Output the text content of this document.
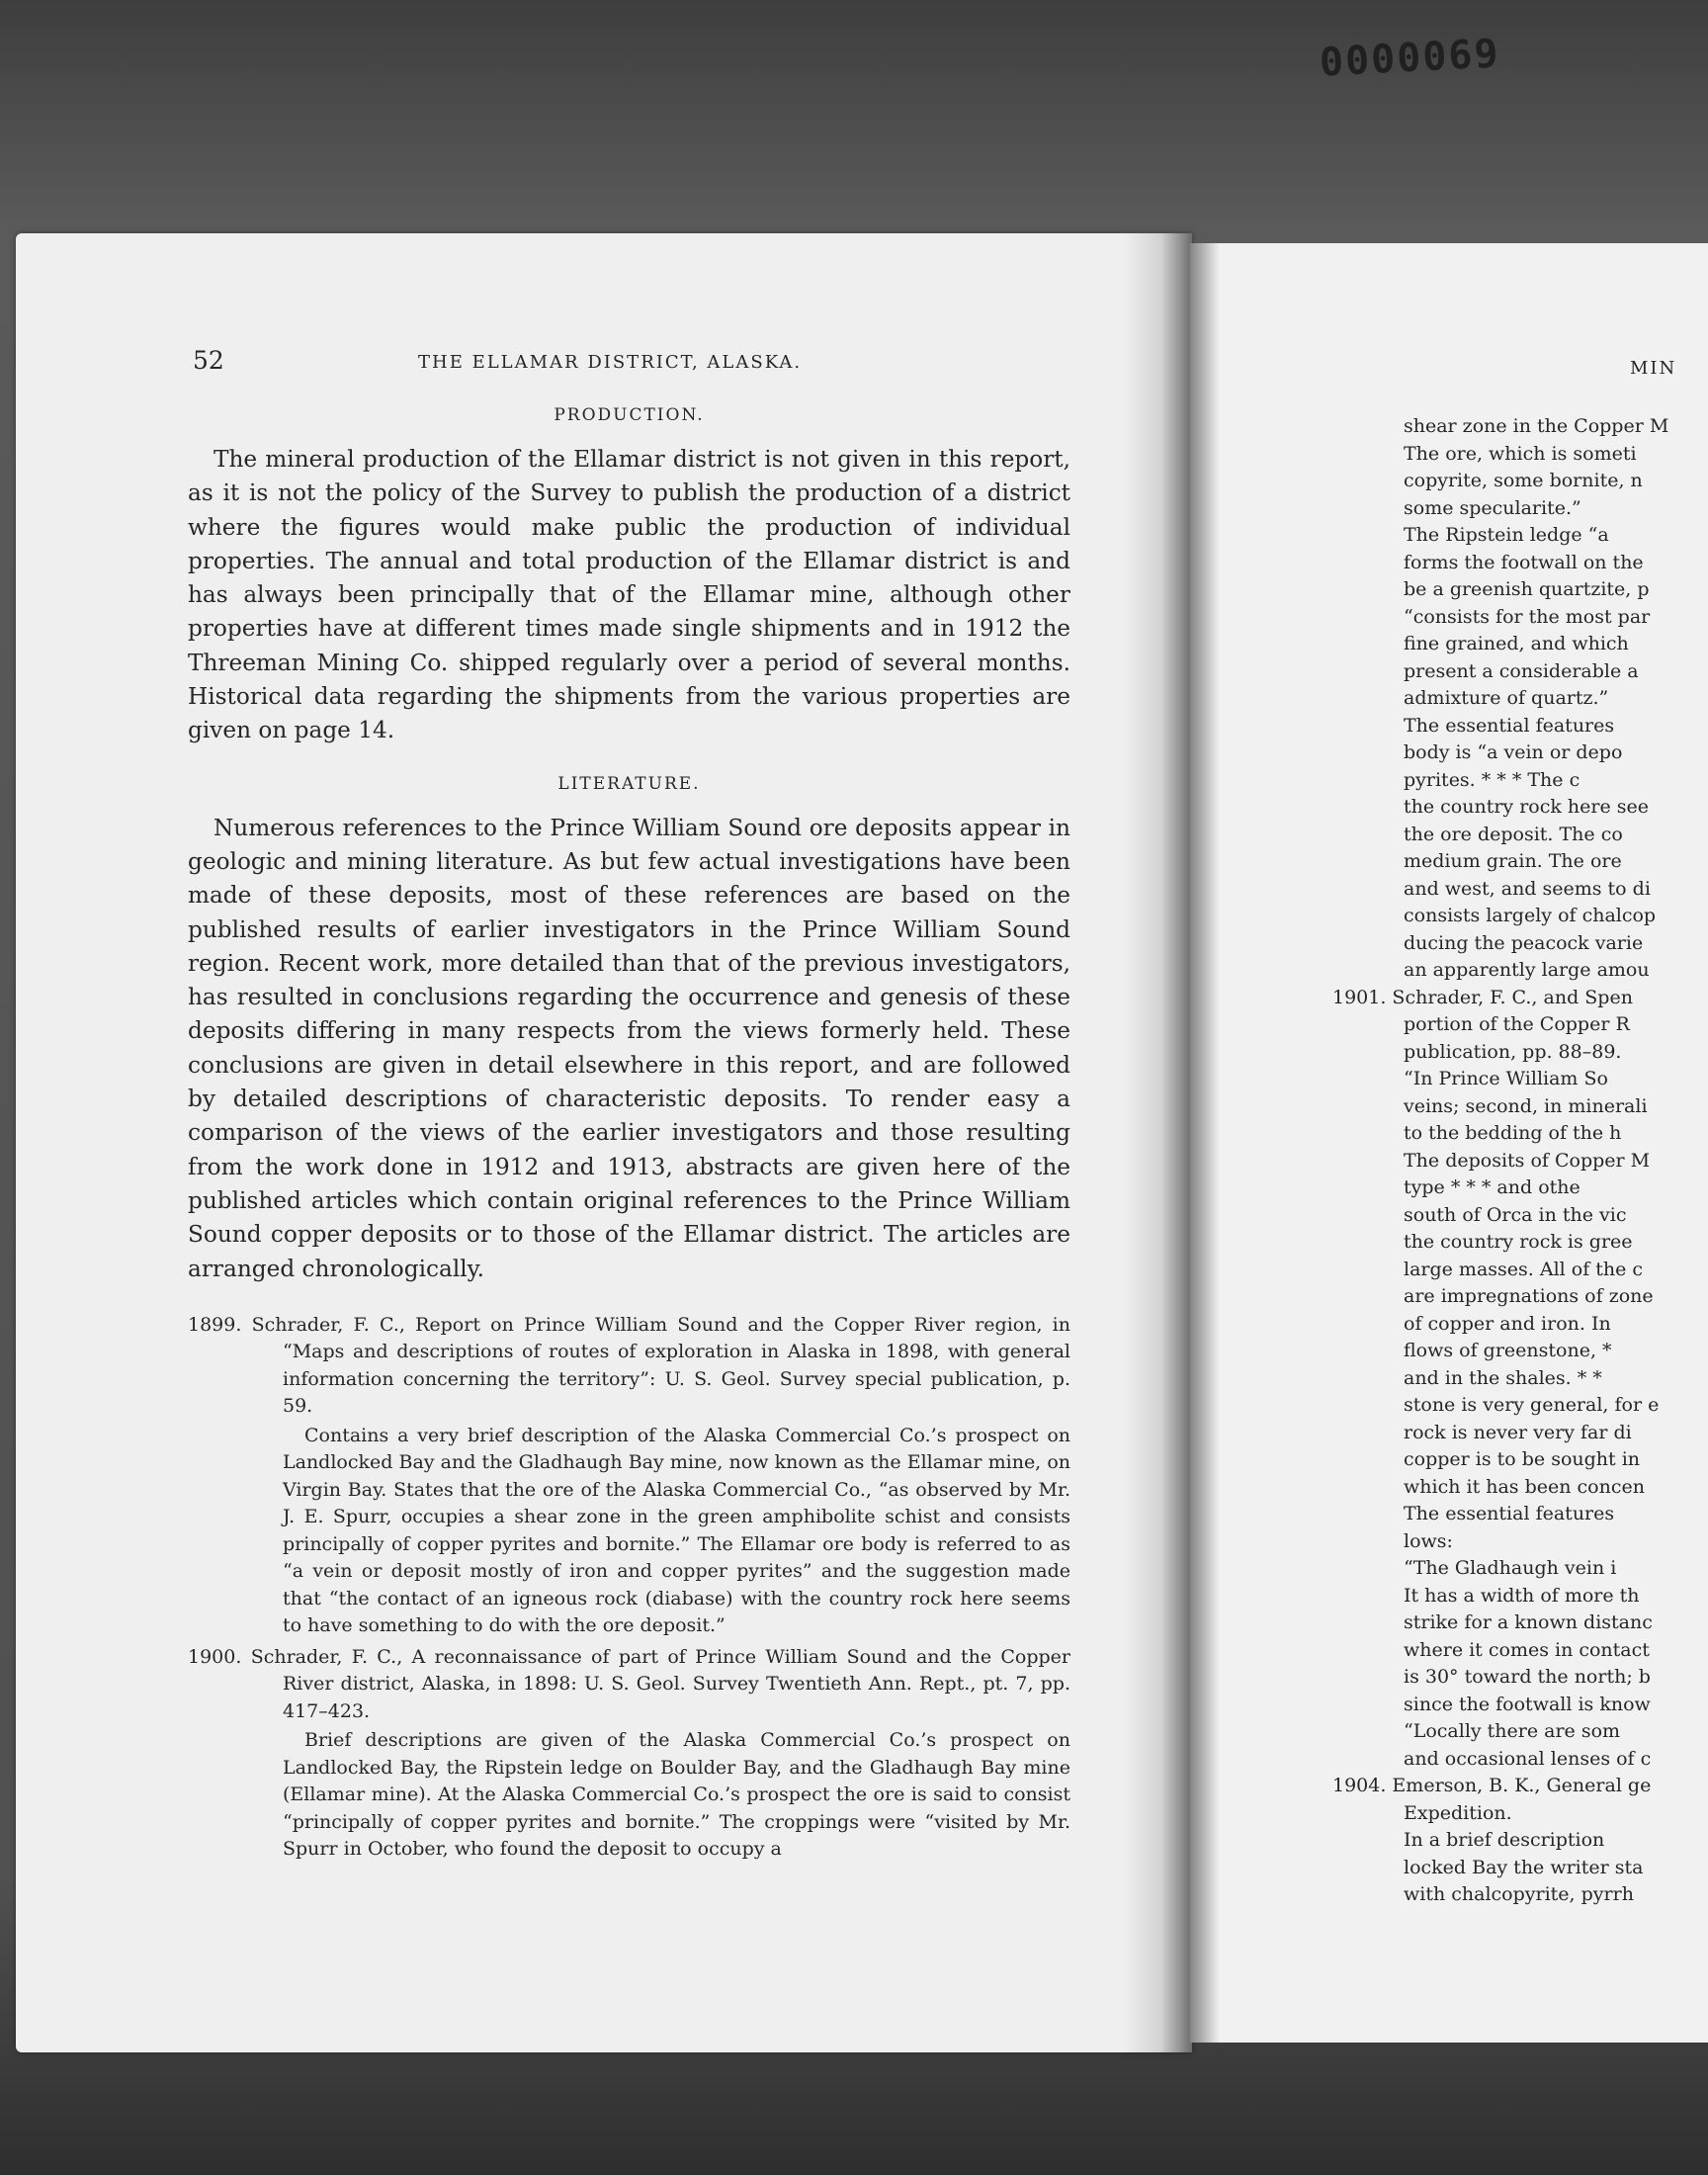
0000069
MIN
shear zone in the Copper M
The ore, which is someti
copyrite, some bornite, n
some specularite.”
The Ripstein ledge “a
forms the footwall on the
be a greenish quartzite, p
“consists for the most par
fine grained, and which
present a considerable a
admixture of quartz.”
The essential features
body is “a vein or depo
pyrites. * * * The c
the country rock here see
the ore deposit. The co
medium grain. The ore
and west, and seems to di
consists largely of chalcop
ducing the peacock varie
an apparently large amou
1901. Schrader, F. C., and Spen
portion of the Copper R
publication, pp. 88–89.
“In Prince William So
veins; second, in minerali
to the bedding of the h
The deposits of Copper M
type * * * and othe
south of Orca in the vic
the country rock is gree
large masses. All of the c
are impregnations of zone
of copper and iron. In
flows of greenstone, *
and in the shales. * *
stone is very general, for e
rock is never very far di
copper is to be sought in
which it has been concen
The essential features
lows:
“The Gladhaugh vein i
It has a width of more th
strike for a known distanc
where it comes in contact
is 30° toward the north; b
since the footwall is know
“Locally there are som
and occasional lenses of c
1904. Emerson, B. K., General ge
Expedition.
In a brief description
locked Bay the writer sta
with chalcopyrite, pyrrh
52	THE ELLAMAR DISTRICT, ALASKA.
PRODUCTION.

The mineral production of the Ellamar district is not given in this report, as it is not the policy of the Survey to publish the production of a district where the figures would make public the production of individual properties. The annual and total production of the Ellamar district is and has always been principally that of the Ellamar mine, although other properties have at different times made single shipments and in 1912 the Threeman Mining Co. shipped regularly over a period of several months. Historical data regarding the shipments from the various properties are given on page 14.

LITERATURE.

Numerous references to the Prince William Sound ore deposits appear in geologic and mining literature. As but few actual investigations have been made of these deposits, most of these references are based on the published results of earlier investigators in the Prince William Sound region. Recent work, more detailed than that of the previous investigators, has resulted in conclusions regarding the occurrence and genesis of these deposits differing in many respects from the views formerly held. These conclusions are given in detail elsewhere in this report, and are followed by detailed descriptions of characteristic deposits. To render easy a comparison of the views of the earlier investigators and those resulting from the work done in 1912 and 1913, abstracts are given here of the published articles which contain original references to the Prince William Sound copper deposits or to those of the Ellamar district. The articles are arranged chronologically.

1899. Schrader, F. C., Report on Prince William Sound and the Copper River region, in “Maps and descriptions of routes of exploration in Alaska in 1898, with general information concerning the territory”: U. S. Geol. Survey special publication, p. 59.

Contains a very brief description of the Alaska Commercial Co.’s prospect on Landlocked Bay and the Gladhaugh Bay mine, now known as the Ellamar mine, on Virgin Bay. States that the ore of the Alaska Commercial Co., “as observed by Mr. J. E. Spurr, occupies a shear zone in the green amphibolite schist and consists principally of copper pyrites and bornite.” The Ellamar ore body is referred to as “a vein or deposit mostly of iron and copper pyrites” and the suggestion made that “the contact of an igneous rock (diabase) with the country rock here seems to have something to do with the ore deposit.”

1900. Schrader, F. C., A reconnaissance of part of Prince William Sound and the Copper River district, Alaska, in 1898: U. S. Geol. Survey Twentieth Ann. Rept., pt. 7, pp. 417–423.

Brief descriptions are given of the Alaska Commercial Co.’s prospect on Landlocked Bay, the Ripstein ledge on Boulder Bay, and the Gladhaugh Bay mine (Ellamar mine). At the Alaska Commercial Co.’s prospect the ore is said to consist “principally of copper pyrites and bornite.” The croppings were “visited by Mr. Spurr in October, who found the deposit to occupy a
